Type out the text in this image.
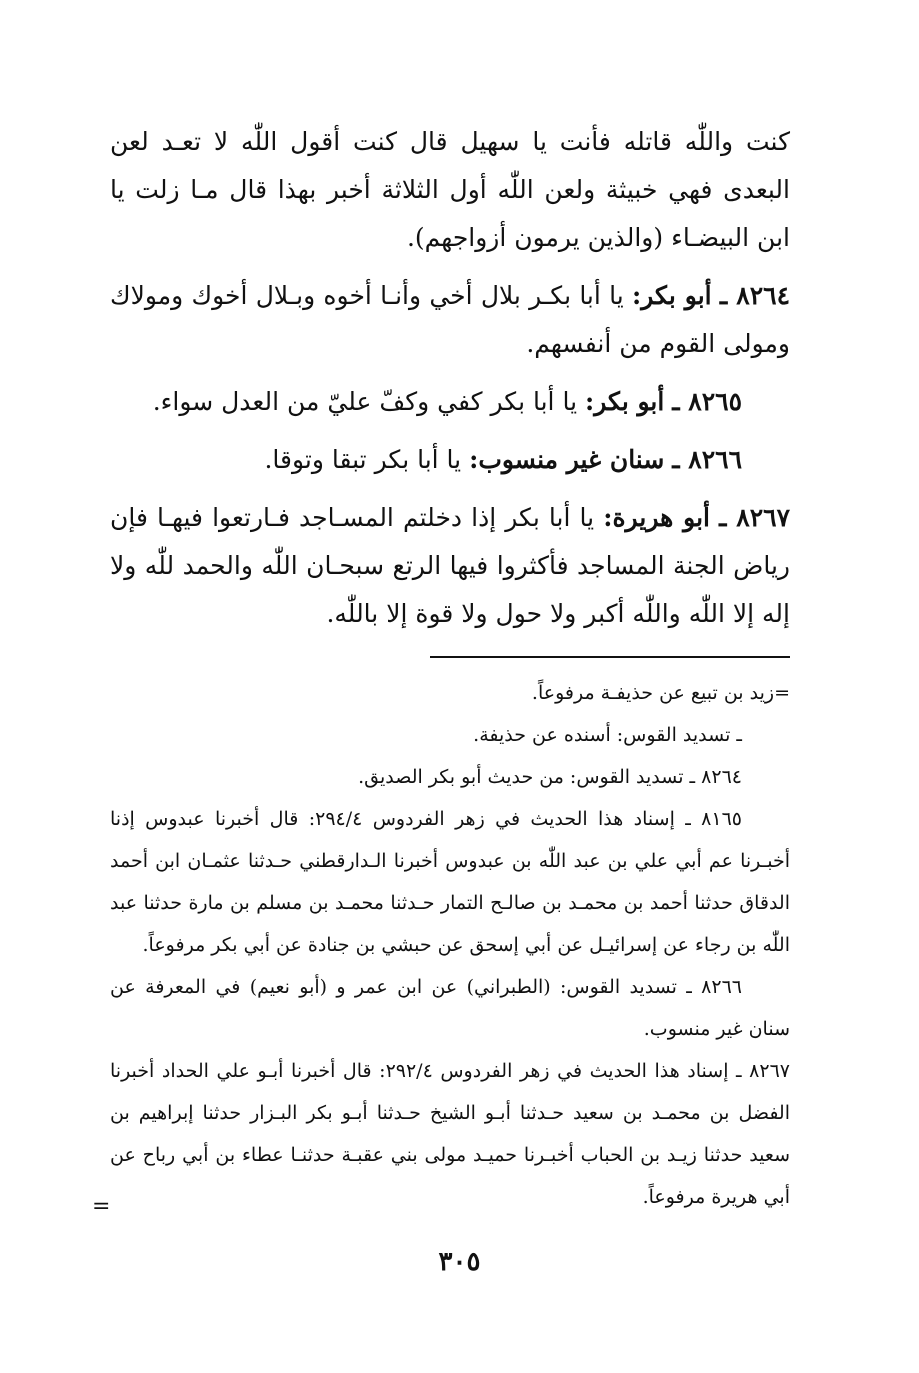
كنت واللّٰه قاتله فأنت يا سهيل قال كنت أقول اللّٰه لا تعـد لعن البعدى فهي خبيثة ولعن اللّٰه أول الثلاثة أخبر بهذا قال مـا زلت يا ابن البيضـاء (والذين يرمون أزواجهم).

٨٢٦٤ ـ أبو بكر: يا أبا بكـر بلال أخي وأنـا أخوه وبـلال أخوك ومولاك ومولى القوم من أنفسهم.

٨٢٦٥ ـ أبو بكر: يا أبا بكر كفي وكفّ عليّ من العدل سواء.

٨٢٦٦ ـ سنان غير منسوب: يا أبا بكر تبقا وتوقا.

٨٢٦٧ ـ أبو هريرة: يا أبا بكر إذا دخلتم المسـاجد فـارتعوا فيهـا فإن رياض الجنة المساجد فأكثروا فيها الرتع سبحـان اللّٰه والحمد للّٰه ولا إله إلا اللّٰه واللّٰه أكبر ولا حول ولا قوة إلا باللّٰه.

=زيد بن تبيع عن حذيفـة مرفوعاً.

ـ تسديد القوس: أسنده عن حذيفة.

٨٢٦٤ ـ تسديد القوس: من حديث أبو بكر الصديق.

٨١٦٥ ـ إسناد هذا الحديث في زهر الفردوس ٢٩٤/٤: قال أخبرنا عبدوس إذنا أخبـرنا عم أبي علي بن عبد اللّٰه بن عبدوس أخبرنا الـدارقطني حـدثنا عثمـان ابن أحمد الدقاق حدثنا أحمد بن محمـد بن صالـح التمار حـدثنا محمـد بن مسلم بن مارة حدثنا عبد اللّٰه بن رجاء عن إسرائيـل عن أبي إسحق عن حبشي بن جنادة عن أبي بكر مرفوعاً.

٨٢٦٦ ـ تسديد القوس: (الطبراني) عن ابن عمر و (أبو نعيم) في المعرفة عن سنان غير منسوب.

٨٢٦٧ ـ إسناد هذا الحديث في زهر الفردوس ٢٩٢/٤: قال أخبرنا أبـو علي الحداد أخبرنا الفضل بن محمـد بن سعيد حـدثنا أبـو الشيخ حـدثنا أبـو بكر البـزار حدثنا إبراهيم بن سعيد حدثنا زيـد بن الحباب أخبـرنا حميـد مولى بني عقبـة حدثنـا عطاء بن أبي رباح عن أبي هريرة مرفوعاً.

=
٣٠٥
